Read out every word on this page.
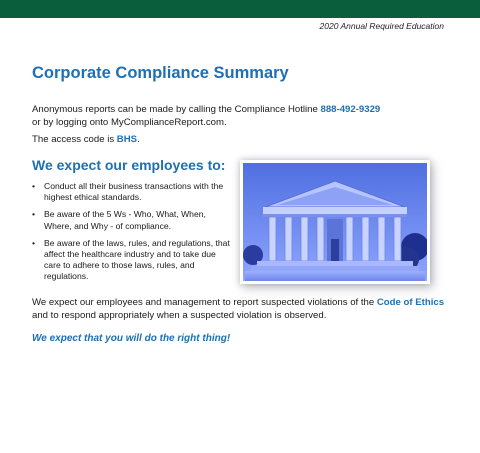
2020 Annual Required Education
Corporate Compliance Summary

Anonymous reports can be made by calling the Compliance Hotline 888-492-9329
or by logging onto MyComplianceReport.com.

The access code is BHS.

We expect our employees to:
• Conduct all their business transactions with the highest ethical standards.
• Be aware of the 5 Ws - Who, What, When, Where, and Why - of compliance.
• Be aware of the laws, rules, and regulations, that affect the healthcare industry and to take due care to adhere to those laws, rules, and regulations.

We expect our employees and management to report suspected violations of the Code of Ethics and to respond appropriately when a suspected violation is observed.

We expect that you will do the right thing!
